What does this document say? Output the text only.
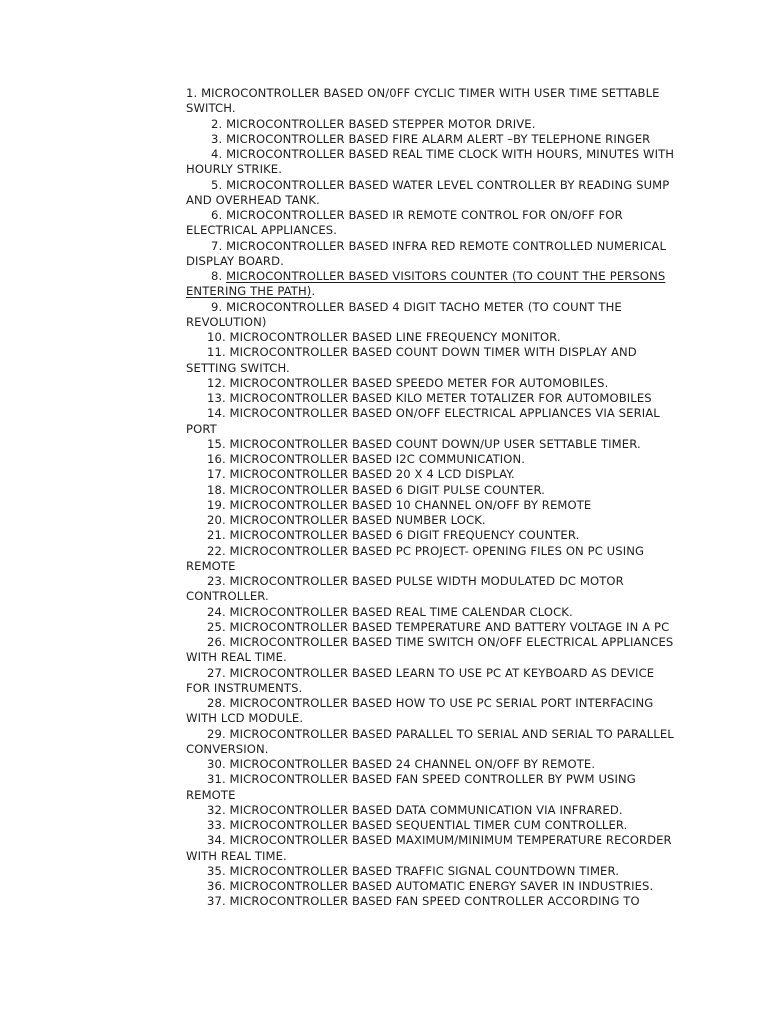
1. MICROCONTROLLER BASED ON/0FF CYCLIC TIMER WITH USER TIME SETTABLE SWITCH.

2. MICROCONTROLLER BASED STEPPER MOTOR DRIVE.

3. MICROCONTROLLER BASED FIRE ALARM ALERT –BY TELEPHONE RINGER

4. MICROCONTROLLER BASED REAL TIME CLOCK WITH HOURS, MINUTES WITH HOURLY STRIKE.

5. MICROCONTROLLER BASED WATER LEVEL CONTROLLER BY READING SUMP AND OVERHEAD TANK.

6. MICROCONTROLLER BASED IR REMOTE CONTROL FOR ON/OFF FOR ELECTRICAL APPLIANCES.

7. MICROCONTROLLER BASED INFRA RED REMOTE CONTROLLED NUMERICAL DISPLAY BOARD.

8. MICROCONTROLLER BASED VISITORS COUNTER (TO COUNT THE PERSONS ENTERING THE PATH).

9. MICROCONTROLLER BASED 4 DIGIT TACHO METER (TO COUNT THE REVOLUTION)

10. MICROCONTROLLER BASED LINE FREQUENCY MONITOR.

11. MICROCONTROLLER BASED COUNT DOWN TIMER WITH DISPLAY AND SETTING SWITCH.

12. MICROCONTROLLER BASED SPEEDO METER FOR AUTOMOBILES.

13. MICROCONTROLLER BASED KILO METER TOTALIZER FOR AUTOMOBILES

14. MICROCONTROLLER BASED ON/OFF ELECTRICAL APPLIANCES VIA SERIAL PORT

15. MICROCONTROLLER BASED COUNT DOWN/UP USER SETTABLE TIMER.

16. MICROCONTROLLER BASED I2C COMMUNICATION.

17. MICROCONTROLLER BASED 20 X 4 LCD DISPLAY.

18. MICROCONTROLLER BASED 6 DIGIT PULSE COUNTER.

19. MICROCONTROLLER BASED 10 CHANNEL ON/OFF BY REMOTE

20. MICROCONTROLLER BASED NUMBER LOCK.

21. MICROCONTROLLER BASED 6 DIGIT FREQUENCY COUNTER.

22. MICROCONTROLLER BASED PC PROJECT- OPENING FILES ON PC USING REMOTE

23. MICROCONTROLLER BASED PULSE WIDTH MODULATED DC MOTOR CONTROLLER.

24. MICROCONTROLLER BASED REAL TIME CALENDAR CLOCK.

25. MICROCONTROLLER BASED TEMPERATURE AND BATTERY VOLTAGE IN A PC

26. MICROCONTROLLER BASED TIME SWITCH ON/OFF ELECTRICAL APPLIANCES WITH REAL TIME.

27. MICROCONTROLLER BASED LEARN TO USE PC AT KEYBOARD AS DEVICE FOR INSTRUMENTS.

28. MICROCONTROLLER BASED HOW TO USE PC SERIAL PORT INTERFACING WITH LCD MODULE.

29. MICROCONTROLLER BASED PARALLEL TO SERIAL AND SERIAL TO PARALLEL CONVERSION.

30. MICROCONTROLLER BASED 24 CHANNEL ON/OFF BY REMOTE.

31. MICROCONTROLLER BASED FAN SPEED CONTROLLER BY PWM USING REMOTE

32. MICROCONTROLLER BASED DATA COMMUNICATION VIA INFRARED.

33. MICROCONTROLLER BASED SEQUENTIAL TIMER CUM CONTROLLER.

34. MICROCONTROLLER BASED MAXIMUM/MINIMUM TEMPERATURE RECORDER WITH REAL TIME.

35. MICROCONTROLLER BASED TRAFFIC SIGNAL COUNTDOWN TIMER.

36. MICROCONTROLLER BASED AUTOMATIC ENERGY SAVER IN INDUSTRIES.

37. MICROCONTROLLER BASED FAN SPEED CONTROLLER ACCORDING TO
